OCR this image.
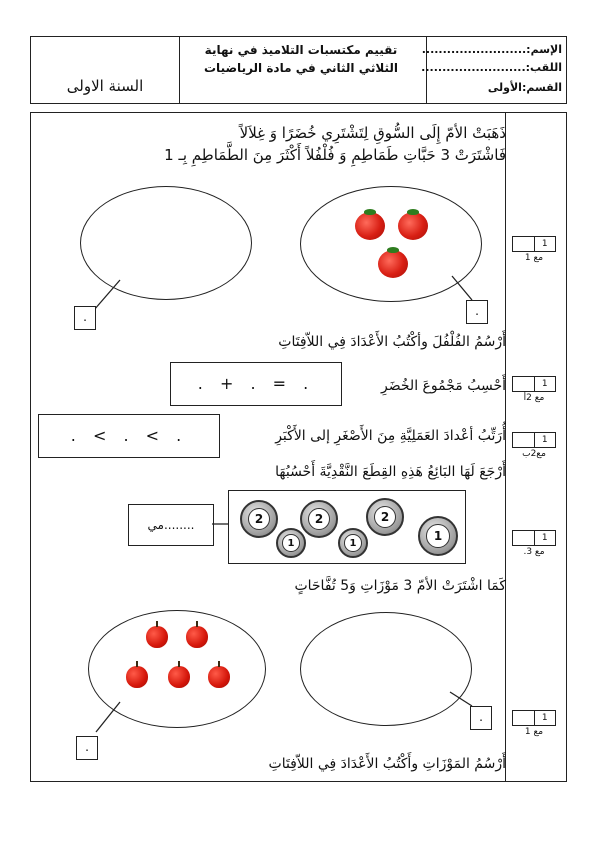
الإسم:.........................
اللقب:.........................
القسم:الأولى
تقييم مكتسبات التلاميذ في نهاية
الثلاثي الثاني في مادة الرياضيات
السنة الاولى
ذَهَبَتْ الأمّ إِلَى السُّوقِ لِتَشْتَرِي خُضَرًا وَ غِلاَلاً
فَاشْتَرَتْ 3 حَبَّاتِ طَمَاطِمِ وَ فُلْفُلاً أَكْثَرَ مِنَ الطَّمَاطِمِ بِـ 1
.	.
أَرْسُمُ الفُلْفُلَ وأكْتُبُ الأَعْدَادَ فِي اللاّفِتَاتِ
. + . = .	أَحْسِبُ مَجْمُوعَ الخُضَرِ
. < . < .	أُرَتِّبُ أعْدادَ العَمَلِيَّةِ مِنَ الأَصْغَرِ إلى الأَكْبَرِ
أَرْجَعَ لَهَا البَائِعُ هَذِهِ القِطَعَ النَّقْدِيَّةَ أَحْسُبُهَا
........مي	2	2	2
1	1	1
كَمَا اشْتَرَتْ الأمّ 3 مَوْزَاتِ وَ5 تُفَّاحَاتٍ
.
.
أَرْسُمُ المَوْزَاتِ وأَكْتُبُ الأَعْدَادَ فِي اللاّفِتَاتِ
1
مع 1
1
مع 2أ
1
مع2ب
1
مع 3.
1
مع 1
